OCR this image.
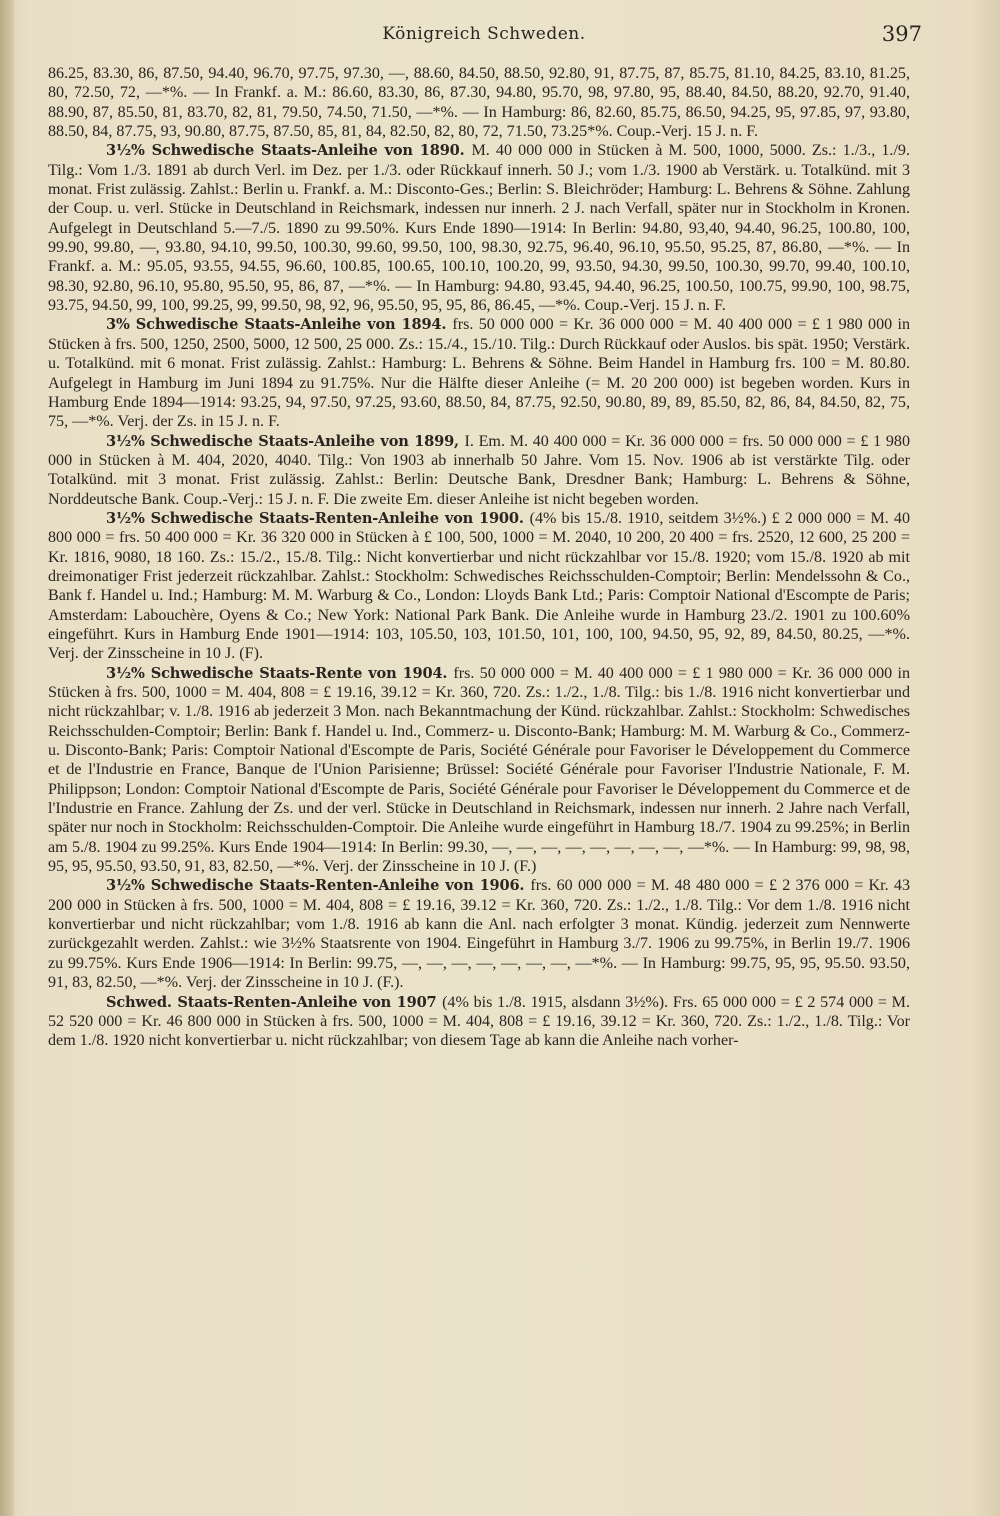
Königreich Schweden.	397

86.25, 83.30, 86, 87.50, 94.40, 96.70, 97.75, 97.30, —, 88.60, 84.50, 88.50, 92.80, 91, 87.75, 87, 85.75, 81.10, 84.25, 83.10, 81.25, 80, 72.50, 72, —*%. — In Frankf. a. M.: 86.60, 83.30, 86, 87.30, 94.80, 95.70, 98, 97.80, 95, 88.40, 84.50, 88.20, 92.70, 91.40, 88.90, 87, 85.50, 81, 83.70, 82, 81, 79.50, 74.50, 71.50, —*%. — In Hamburg: 86, 82.60, 85.75, 86.50, 94.25, 95, 97.85, 97, 93.80, 88.50, 84, 87.75, 93, 90.80, 87.75, 87.50, 85, 81, 84, 82.50, 82, 80, 72, 71.50, 73.25*%. Coup.-Verj. 15 J. n. F.

3½% Schwedische Staats-Anleihe von 1890. M. 40 000 000 in Stücken à M. 500, 1000, 5000. Zs.: 1./3., 1./9. Tilg.: Vom 1./3. 1891 ab durch Verl. im Dez. per 1./3. oder Rückkauf innerh. 50 J.; vom 1./3. 1900 ab Verstärk. u. Totalkünd. mit 3 monat. Frist zulässig. Zahlst.: Berlin u. Frankf. a. M.: Disconto-Ges.; Berlin: S. Bleichröder; Hamburg: L. Behrens & Söhne. Zahlung der Coup. u. verl. Stücke in Deutschland in Reichsmark, indessen nur innerh. 2 J. nach Verfall, später nur in Stockholm in Kronen. Aufgelegt in Deutschland 5.—7./5. 1890 zu 99.50%. Kurs Ende 1890—1914: In Berlin: 94.80, 93,40, 94.40, 96.25, 100.80, 100, 99.90, 99.80, —, 93.80, 94.10, 99.50, 100.30, 99.60, 99.50, 100, 98.30, 92.75, 96.40, 96.10, 95.50, 95.25, 87, 86.80, —*%. — In Frankf. a. M.: 95.05, 93.55, 94.55, 96.60, 100.85, 100.65, 100.10, 100.20, 99, 93.50, 94.30, 99.50, 100.30, 99.70, 99.40, 100.10, 98.30, 92.80, 96.10, 95.80, 95.50, 95, 86, 87, —*%. — In Hamburg: 94.80, 93.45, 94.40, 96.25, 100.50, 100.75, 99.90, 100, 98.75, 93.75, 94.50, 99, 100, 99.25, 99, 99.50, 98, 92, 96, 95.50, 95, 95, 86, 86.45, —*%. Coup.-Verj. 15 J. n. F.

3% Schwedische Staats-Anleihe von 1894. frs. 50 000 000 = Kr. 36 000 000 = M. 40 400 000 = £ 1 980 000 in Stücken à frs. 500, 1250, 2500, 5000, 12 500, 25 000. Zs.: 15./4., 15./10. Tilg.: Durch Rückkauf oder Auslos. bis spät. 1950; Verstärk. u. Totalkünd. mit 6 monat. Frist zulässig. Zahlst.: Hamburg: L. Behrens & Söhne. Beim Handel in Hamburg frs. 100 = M. 80.80. Aufgelegt in Hamburg im Juni 1894 zu 91.75%. Nur die Hälfte dieser Anleihe (= M. 20 200 000) ist begeben worden. Kurs in Hamburg Ende 1894—1914: 93.25, 94, 97.50, 97.25, 93.60, 88.50, 84, 87.75, 92.50, 90.80, 89, 89, 85.50, 82, 86, 84, 84.50, 82, 75, 75, —*%. Verj. der Zs. in 15 J. n. F.

3½% Schwedische Staats-Anleihe von 1899, I. Em. M. 40 400 000 = Kr. 36 000 000 = frs. 50 000 000 = £ 1 980 000 in Stücken à M. 404, 2020, 4040. Tilg.: Von 1903 ab innerhalb 50 Jahre. Vom 15. Nov. 1906 ab ist verstärkte Tilg. oder Totalkünd. mit 3 monat. Frist zulässig. Zahlst.: Berlin: Deutsche Bank, Dresdner Bank; Hamburg: L. Behrens & Söhne, Norddeutsche Bank. Coup.-Verj.: 15 J. n. F. Die zweite Em. dieser Anleihe ist nicht begeben worden.

3½% Schwedische Staats-Renten-Anleihe von 1900. (4% bis 15./8. 1910, seitdem 3½%.) £ 2 000 000 = M. 40 800 000 = frs. 50 400 000 = Kr. 36 320 000 in Stücken à £ 100, 500, 1000 = M. 2040, 10 200, 20 400 = frs. 2520, 12 600, 25 200 = Kr. 1816, 9080, 18 160. Zs.: 15./2., 15./8. Tilg.: Nicht konvertierbar und nicht rückzahlbar vor 15./8. 1920; vom 15./8. 1920 ab mit dreimonatiger Frist jederzeit rückzahlbar. Zahlst.: Stockholm: Schwedisches Reichsschulden-Comptoir; Berlin: Mendelssohn & Co., Bank f. Handel u. Ind.; Hamburg: M. M. Warburg & Co., London: Lloyds Bank Ltd.; Paris: Comptoir National d'Escompte de Paris; Amsterdam: Labouchère, Oyens & Co.; New York: National Park Bank. Die Anleihe wurde in Hamburg 23./2. 1901 zu 100.60% eingeführt. Kurs in Hamburg Ende 1901—1914: 103, 105.50, 103, 101.50, 101, 100, 100, 94.50, 95, 92, 89, 84.50, 80.25, —*%. Verj. der Zinsscheine in 10 J. (F).

3½% Schwedische Staats-Rente von 1904. frs. 50 000 000 = M. 40 400 000 = £ 1 980 000 = Kr. 36 000 000 in Stücken à frs. 500, 1000 = M. 404, 808 = £ 19.16, 39.12 = Kr. 360, 720. Zs.: 1./2., 1./8. Tilg.: bis 1./8. 1916 nicht konvertierbar und nicht rückzahlbar; v. 1./8. 1916 ab jederzeit 3 Mon. nach Bekanntmachung der Künd. rückzahlbar. Zahlst.: Stockholm: Schwedisches Reichsschulden-Comptoir; Berlin: Bank f. Handel u. Ind., Commerz- u. Disconto-Bank; Hamburg: M. M. Warburg & Co., Commerz- u. Disconto-Bank; Paris: Comptoir National d'Escompte de Paris, Société Générale pour Favoriser le Développement du Commerce et de l'Industrie en France, Banque de l'Union Parisienne; Brüssel: Société Générale pour Favoriser l'Industrie Nationale, F. M. Philippson; London: Comptoir National d'Escompte de Paris, Société Générale pour Favoriser le Développement du Commerce et de l'Industrie en France. Zahlung der Zs. und der verl. Stücke in Deutschland in Reichsmark, indessen nur innerh. 2 Jahre nach Verfall, später nur noch in Stockholm: Reichsschulden-Comptoir. Die Anleihe wurde eingeführt in Hamburg 18./7. 1904 zu 99.25%; in Berlin am 5./8. 1904 zu 99.25%. Kurs Ende 1904—1914: In Berlin: 99.30, —, —, —, —, —, —, —, —, —*%. — In Hamburg: 99, 98, 98, 95, 95, 95.50, 93.50, 91, 83, 82.50, —*%. Verj. der Zinsscheine in 10 J. (F.)

3½% Schwedische Staats-Renten-Anleihe von 1906. frs. 60 000 000 = M. 48 480 000 = £ 2 376 000 = Kr. 43 200 000 in Stücken à frs. 500, 1000 = M. 404, 808 = £ 19.16, 39.12 = Kr. 360, 720. Zs.: 1./2., 1./8. Tilg.: Vor dem 1./8. 1916 nicht konvertierbar und nicht rückzahlbar; vom 1./8. 1916 ab kann die Anl. nach erfolgter 3 monat. Kündig. jederzeit zum Nennwerte zurückgezahlt werden. Zahlst.: wie 3½% Staatsrente von 1904. Eingeführt in Hamburg 3./7. 1906 zu 99.75%, in Berlin 19./7. 1906 zu 99.75%. Kurs Ende 1906—1914: In Berlin: 99.75, —, —, —, —, —, —, —, —*%. — In Hamburg: 99.75, 95, 95, 95.50. 93.50, 91, 83, 82.50, —*%. Verj. der Zinsscheine in 10 J. (F.).

Schwed. Staats-Renten-Anleihe von 1907 (4% bis 1./8. 1915, alsdann 3½%). Frs. 65 000 000 = £ 2 574 000 = M. 52 520 000 = Kr. 46 800 000 in Stücken à frs. 500, 1000 = M. 404, 808 = £ 19.16, 39.12 = Kr. 360, 720. Zs.: 1./2., 1./8. Tilg.: Vor dem 1./8. 1920 nicht konvertierbar u. nicht rückzahlbar; von diesem Tage ab kann die Anleihe nach vorher-
